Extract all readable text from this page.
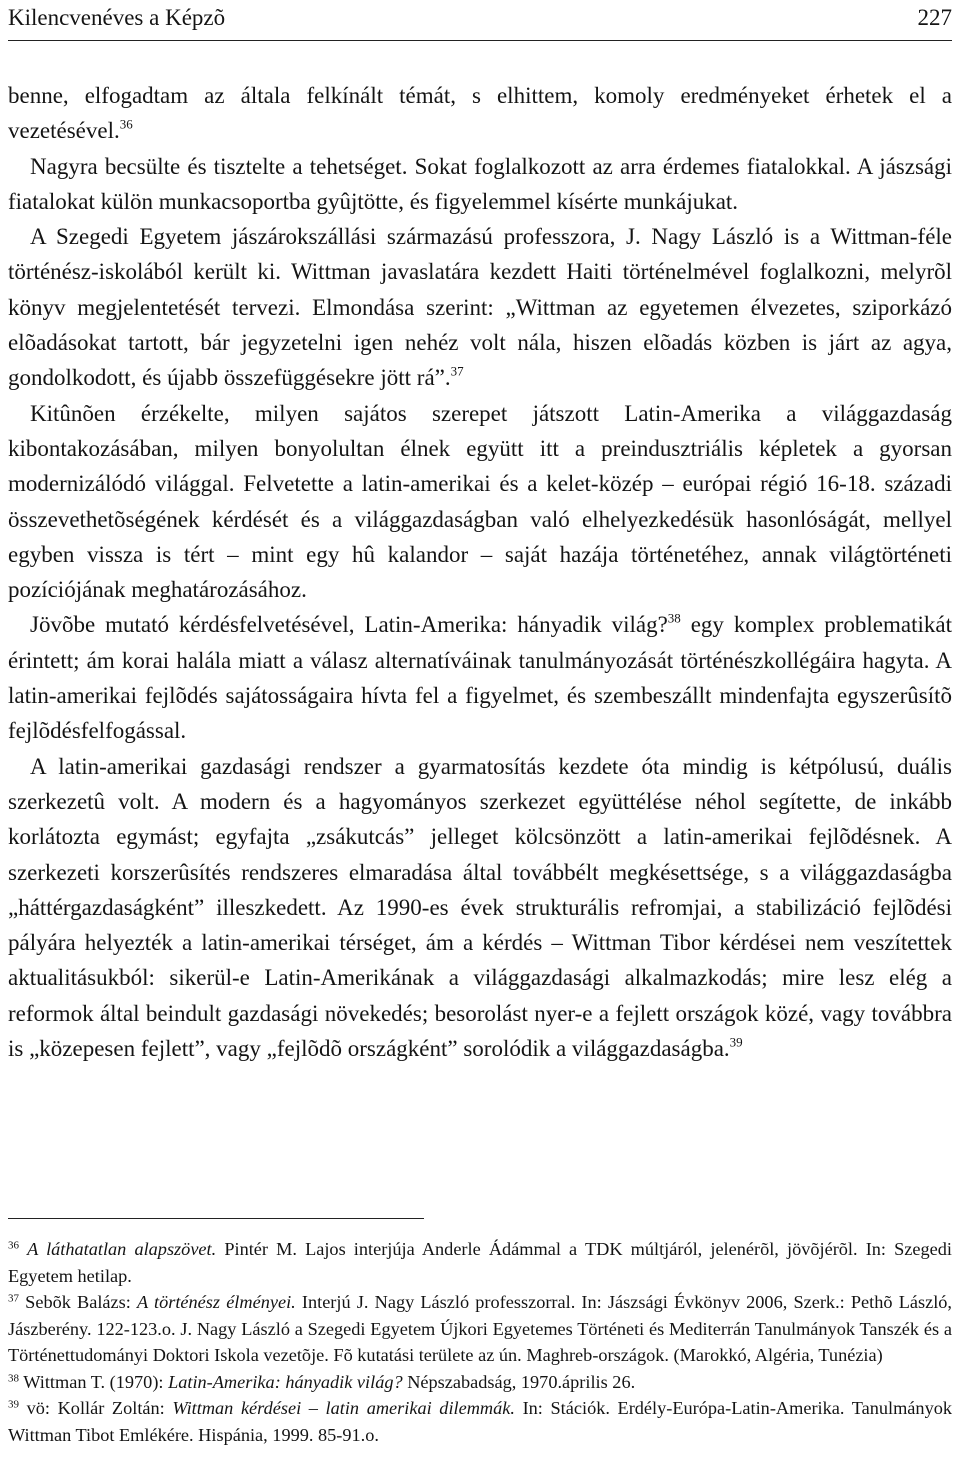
Kilencvenéves a Képzõ	227

benne, elfogadtam az általa felkínált témát, s elhittem, komoly eredményeket érhetek el a vezetésével.$^{36}$

Nagyra becsülte és tisztelte a tehetséget. Sokat foglalkozott az arra érdemes fiatalokkal. A jászsági fiatalokat külön munkacsoportba gyûjtötte, és figyelemmel kísérte munkájukat.

A Szegedi Egyetem jászárokszállási származású professzora, J. Nagy László is a Wittman-féle történész-iskolából került ki. Wittman javaslatára kezdett Haiti történelmével foglalkozni, melyrõl könyv megjelentetését tervezi. Elmondása szerint: „Wittman az egyetemen élvezetes, sziporkázó elõadásokat tartott, bár jegyzetelni igen nehéz volt nála, hiszen elõadás közben is járt az agya, gondolkodott, és újabb összefüggésekre jött rá”.$^{37}$

Kitûnõen érzékelte, milyen sajátos szerepet játszott Latin-Amerika a világgazdaság kibontakozásában, milyen bonyolultan élnek együtt itt a preindusztriális képletek a gyorsan modernizálódó világgal. Felvetette a latin-amerikai és a kelet-közép – európai régió 16-18. századi összevethetõségének kérdését és a világgazdaságban való elhelyezkedésük hasonlóságát, mellyel egyben vissza is tért – mint egy hû kalandor – saját hazája történetéhez, annak világtörténeti pozíciójának meghatározásához.

Jövõbe mutató kérdésfelvetésével, Latin-Amerika: hányadik világ?$^{38}$ egy komplex problematikát érintett; ám korai halála miatt a válasz alternatíváinak tanulmányozását történészkollégáira hagyta. A latin-amerikai fejlõdés sajátosságaira hívta fel a figyelmet, és szembeszállt mindenfajta egyszerûsítõ fejlõdésfelfogással.

A latin-amerikai gazdasági rendszer a gyarmatosítás kezdete óta mindig is kétpólusú, duális szerkezetû volt. A modern és a hagyományos szerkezet együttélése néhol segítette, de inkább korlátozta egymást; egyfajta „zsákutcás” jelleget kölcsönzött a latin-amerikai fejlõdésnek. A szerkezeti korszerûsítés rendszeres elmaradása által továbbélt megkésettsége, s a világgazdaságba „háttérgazdaságként” illeszkedett. Az 1990-es évek strukturális refromjai, a stabilizáció fejlõdési pályára helyezték a latin-amerikai térséget, ám a kérdés – Wittman Tibor kérdései nem veszítettek aktualitásukból: sikerül-e Latin-Amerikának a világgazdasági alkalmazkodás; mire lesz elég a reformok által beindult gazdasági növekedés; besorolást nyer-e a fejlett országok közé, vagy továbbra is „közepesen fejlett”, vagy „fejlõdõ országként” sorolódik a világgazdaságba.$^{39}$

$^{36}$ A láthatatlan alapszövet. Pintér M. Lajos interjúja Anderle Ádámmal a TDK múltjáról, jelenérõl, jövõjérõl. In: Szegedi Egyetem hetilap.

$^{37}$ Sebõk Balázs: A történész élményei. Interjú J. Nagy László professzorral. In: Jászsági Évkönyv 2006, Szerk.: Pethõ László, Jászberény. 122-123.o. J. Nagy László a Szegedi Egyetem Újkori Egyetemes Történeti és Mediterrán Tanulmányok Tanszék és a Történettudományi Doktori Iskola vezetõje. Fõ kutatási területe az ún. Maghreb-országok. (Marokkó, Algéria, Tunézia)

$^{38}$ Wittman T. (1970): Latin-Amerika: hányadik világ? Népszabadság, 1970.április 26.

$^{39}$ vö: Kollár Zoltán: Wittman kérdései – latin amerikai dilemmák. In: Stációk. Erdély-Európa-Latin-Amerika. Tanulmányok Wittman Tibot Emlékére. Hispánia, 1999. 85-91.o.
